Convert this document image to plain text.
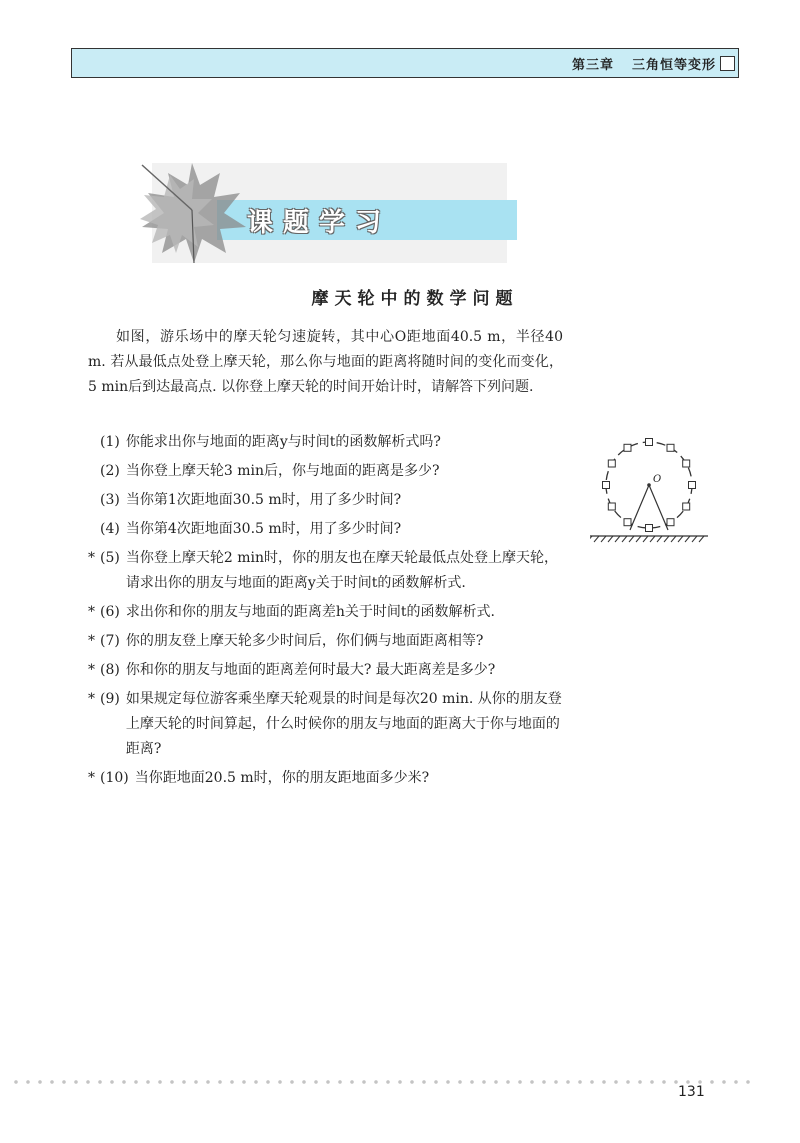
第三章 三角恒等变形
课题学习
摩天轮中的数学问题

如图，游乐场中的摩天轮匀速旋转，其中心O距地面40.5 m，半径40 m. 若从最低点处登上摩天轮，那么你与地面的距离将随时间的变化而变化，5 min后到达最高点. 以你登上摩天轮的时间开始计时，请解答下列问题.

(1) 你能求出你与地面的距离y与时间t的函数解析式吗?
(2) 当你登上摩天轮3 min后，你与地面的距离是多少?
(3) 当你第1次距地面30.5 m时，用了多少时间?
(4) 当你第4次距地面30.5 m时，用了多少时间?
* (5) 当你登上摩天轮2 min时，你的朋友也在摩天轮最低点处登上摩天轮，请求出你的朋友与地面的距离y关于时间t的函数解析式.
* (6) 求出你和你的朋友与地面的距离差h关于时间t的函数解析式.
* (7) 你的朋友登上摩天轮多少时间后，你们俩与地面距离相等?
* (8) 你和你的朋友与地面的距离差何时最大? 最大距离差是多少?
* (9) 如果规定每位游客乘坐摩天轮观景的时间是每次20 min. 从你的朋友登上摩天轮的时间算起，什么时候你的朋友与地面的距离大于你与地面的距离?
* (10) 当你距地面20.5 m时，你的朋友距地面多少米?
O
131
